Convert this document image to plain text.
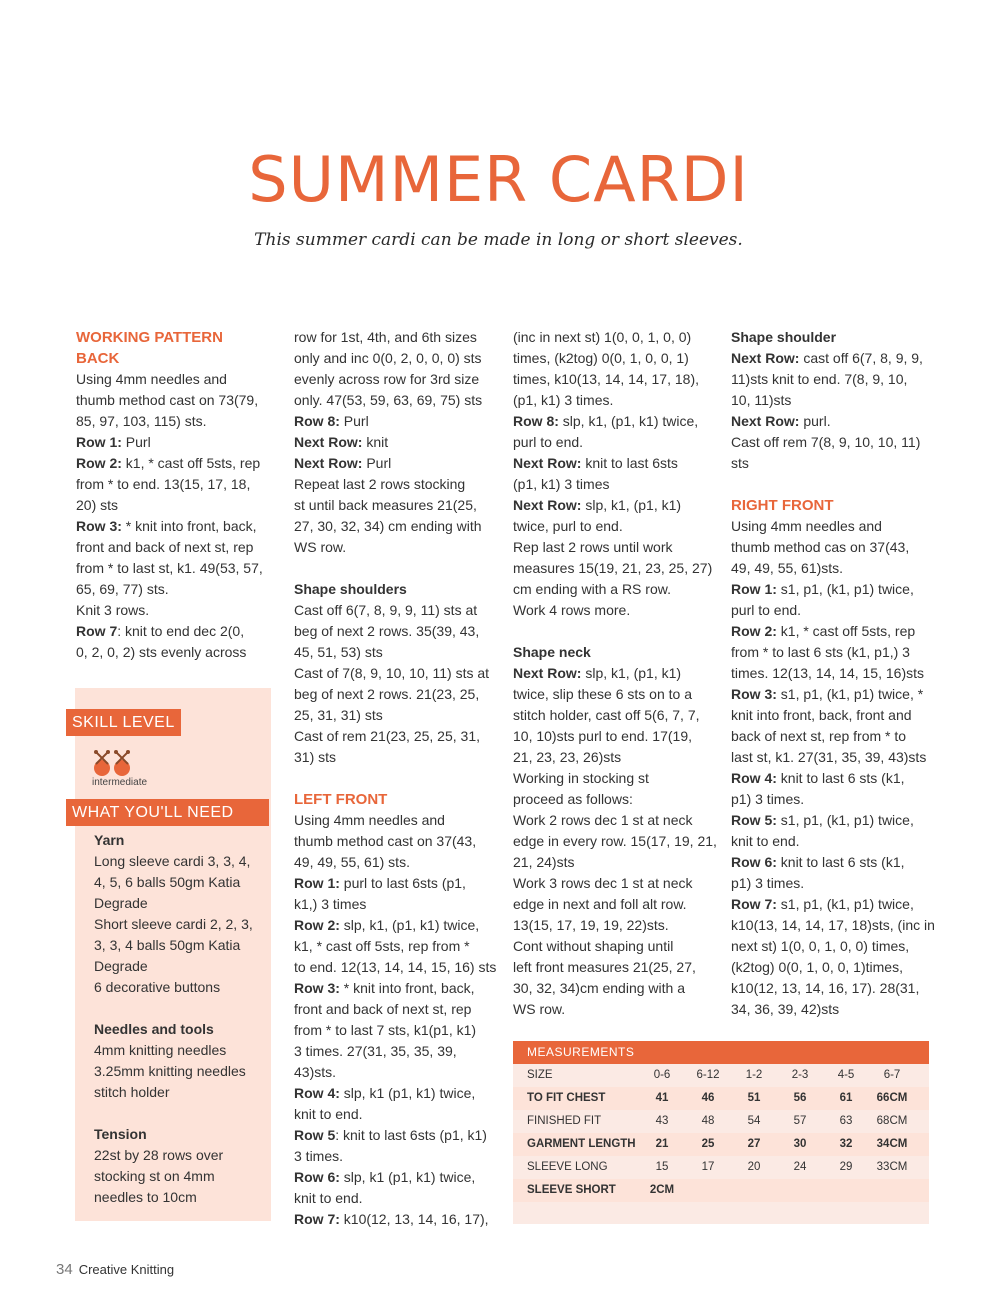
SUMMER CARDI
This summer cardi can be made in long or short sleeves.

WORKING PATTERN

BACK

Using 4mm needles and

thumb method cast on 73(79,

85, 97, 103, 115) sts.

Row 1: Purl

Row 2: k1, * cast off 5sts, rep

from * to end. 13(15, 17, 18,

20) sts

Row 3: * knit into front, back,

front and back of next st, rep

from * to last st, k1. 49(53, 57,

65, 69, 77) sts.

Knit 3 rows.

Row 7: knit to end dec 2(0,

0, 2, 0, 2) sts evenly across

SKILL LEVEL
intermediate
WHAT YOU'LL NEED

Yarn

Long sleeve cardi 3, 3, 4,

4, 5, 6 balls 50gm Katia

Degrade

Short sleeve cardi 2, 2, 3,

3, 3, 4 balls 50gm Katia

Degrade

6 decorative buttons

Needles and tools

4mm knitting needles

3.25mm knitting needles

stitch holder

Tension

22st by 28 rows over

stocking st on 4mm

needles to 10cm

row for 1st, 4th, and 6th sizes

only and inc 0(0, 2, 0, 0, 0) sts

evenly across row for 3rd size

only. 47(53, 59, 63, 69, 75) sts

Row 8: Purl

Next Row: knit

Next Row: Purl

Repeat last 2 rows stocking

st until back measures 21(25,

27, 30, 32, 34) cm ending with

WS row.

Shape shoulders

Cast off 6(7, 8, 9, 9, 11) sts at

beg of next 2 rows. 35(39, 43,

45, 51, 53) sts

Cast of 7(8, 9, 10, 10, 11) sts at

beg of next 2 rows. 21(23, 25,

25, 31, 31) sts

Cast of rem 21(23, 25, 25, 31,

31) sts

LEFT FRONT

Using 4mm needles and

thumb method cast on 37(43,

49, 49, 55, 61) sts.

Row 1: purl to last 6sts (p1,

k1,) 3 times

Row 2: slp, k1, (p1, k1) twice,

k1, * cast off 5sts, rep from *

to end. 12(13, 14, 14, 15, 16) sts

Row 3: * knit into front, back,

front and back of next st, rep

from * to last 7 sts, k1(p1, k1)

3 times. 27(31, 35, 35, 39,

43)sts.

Row 4: slp, k1 (p1, k1) twice,

knit to end.

Row 5: knit to last 6sts (p1, k1)

3 times.

Row 6: slp, k1 (p1, k1) twice,

knit to end.

Row 7: k10(12, 13, 14, 16, 17),

(inc in next st) 1(0, 0, 1, 0, 0)

times, (k2tog) 0(0, 1, 0, 0, 1)

times, k10(13, 14, 14, 17, 18),

(p1, k1) 3 times.

Row 8: slp, k1, (p1, k1) twice,

purl to end.

Next Row: knit to last 6sts

(p1, k1) 3 times

Next Row: slp, k1, (p1, k1)

twice, purl to end.

Rep last 2 rows until work

measures 15(19, 21, 23, 25, 27)

cm ending with a RS row.

Work 4 rows more.

Shape neck

Next Row: slp, k1, (p1, k1)

twice, slip these 6 sts on to a

stitch holder, cast off 5(6, 7, 7,

10, 10)sts purl to end. 17(19,

21, 23, 23, 26)sts

Working in stocking st

proceed as follows:

Work 2 rows dec 1 st at neck

edge in every row. 15(17, 19, 21,

21, 24)sts

Work 3 rows dec 1 st at neck

edge in next and foll alt row.

13(15, 17, 19, 19, 22)sts.

Cont without shaping until

left front measures 21(25, 27,

30, 32, 34)cm ending with a

WS row.

Shape shoulder

Next Row: cast off 6(7, 8, 9, 9,

11)sts knit to end. 7(8, 9, 10,

10, 11)sts

Next Row: purl.

Cast off rem 7(8, 9, 10, 10, 11)

sts

RIGHT FRONT

Using 4mm needles and

thumb method cas on 37(43,

49, 49, 55, 61)sts.

Row 1: s1, p1, (k1, p1) twice,

purl to end.

Row 2: k1, * cast off 5sts, rep

from * to last 6 sts (k1, p1,) 3

times. 12(13, 14, 14, 15, 16)sts

Row 3: s1, p1, (k1, p1) twice, *

knit into front, back, front and

back of next st, rep from * to

last st, k1. 27(31, 35, 39, 43)sts

Row 4: knit to last 6 sts (k1,

p1) 3 times.

Row 5: s1, p1, (k1, p1) twice,

knit to end.

Row 6: knit to last 6 sts (k1,

p1) 3 times.

Row 7: s1, p1, (k1, p1) twice,

k10(13, 14, 14, 17, 18)sts, (inc in

next st) 1(0, 0, 1, 0, 0) times,

(k2tog) 0(0, 1, 0, 0, 1)times,

k10(12, 13, 14, 16, 17). 28(31,

34, 36, 39, 42)sts

MEASUREMENTS
SIZE	0-6	6-12	1-2	2-3	4-5	6-7
TO FIT CHEST	41	46	51	56	61	66CM
FINISHED FIT	43	48	54	57	63	68CM
GARMENT LENGTH	21	25	27	30	32	34CM
SLEEVE LONG	15	17	20	24	29	33CM
SLEEVE SHORT	2CM
34 Creative Knitting
